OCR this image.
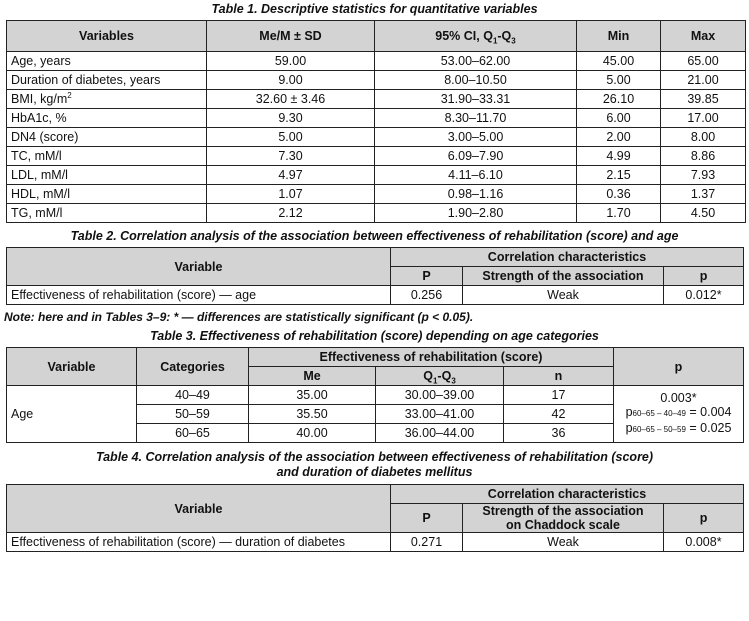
Table 1. Descriptive statistics for quantitative variables

Variables	Me/M ± SD	95% CI, $Q_1-Q_3$	Min	Max
Age, years	59.00	53.00–62.00	45.00	65.00
Duration of diabetes, years	9.00	8.00–10.50	5.00	21.00
BMI, $kg/m^2$	32.60 ± 3.46	31.90–33.31	26.10	39.85
HbA1c, %	9.30	8.30–11.70	6.00	17.00
DN4 (score)	5.00	3.00–5.00	2.00	8.00
TC, mM/l	7.30	6.09–7.90	4.99	8.86
LDL, mM/l	4.97	4.11–6.10	2.15	7.93
HDL, mM/l	1.07	0.98–1.16	0.36	1.37
TG, mM/l	2.12	1.90–2.80	1.70	4.50

Table 2. Correlation analysis of the association between effectiveness of rehabilitation (score) and age

Variable	Correlation characteristics		
	Ρ	Strength of the association	p
Effectiveness of rehabilitation (score) — age	0.256	Weak	0.012*

Note: here and in Tables 3–9: * — differences are statistically significant (p < 0.05).

Table 3. Effectiveness of rehabilitation (score) depending on age categories

Variable	Categories	Effectiveness of rehabilitation (score)			p
		Me	$Q_1-Q_3$	n	
Age	40–49	35.00	30.00–39.00	17	0.003*
p60–65 – 40–49 = 0.004
p60–65 – 50–59 = 0.025

	50–59	35.50	33.00–41.00	42	
	60–65	40.00	36.00–44.00	36	

Table 4. Correlation analysis of the association between effectiveness of rehabilitation (score)

and duration of diabetes mellitus

Variable	Correlation characteristics		
	Ρ	Strength of the association
on Chaddock scale	p
Effectiveness of rehabilitation (score) — duration of diabetes	0.271	Weak	0.008*
